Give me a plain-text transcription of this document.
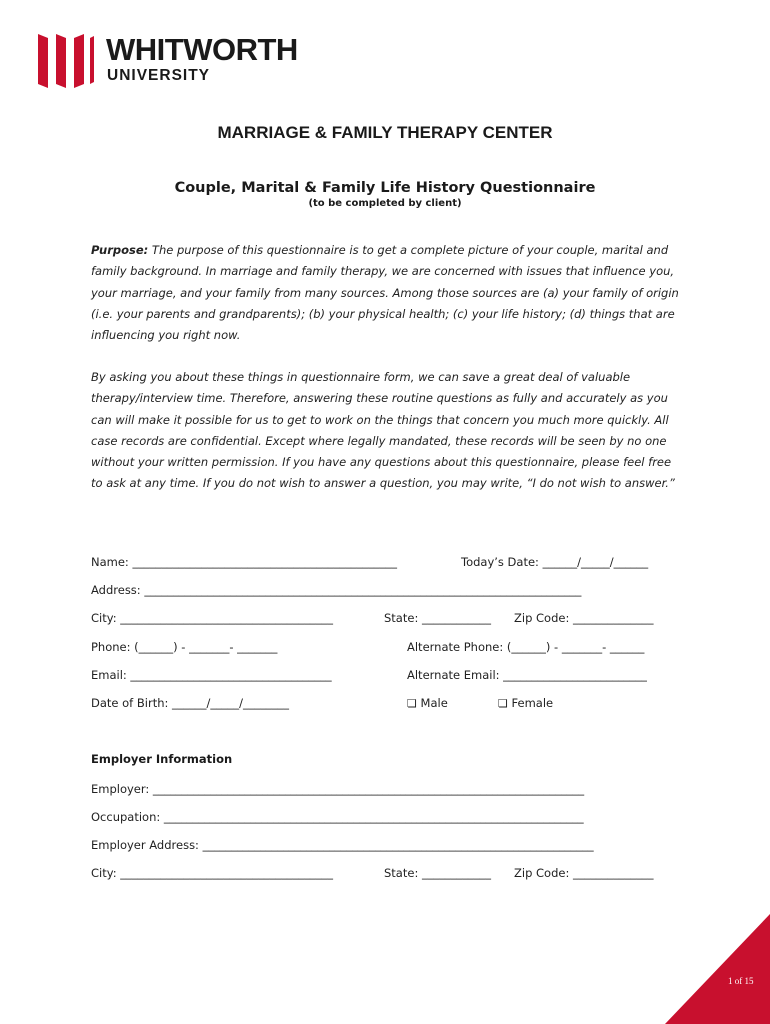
WHITWORTH
UNIVERSITY
MARRIAGE & FAMILY THERAPY CENTER
Couple, Marital & Family Life History Questionnaire
(to be completed by client)
Purpose: The purpose of this questionnaire is to get a complete picture of your couple, marital and
family background. In marriage and family therapy, we are concerned with issues that influence you,
your marriage, and your family from many sources. Among those sources are (a) your family of origin
(i.e. your parents and grandparents); (b) your physical health; (c) your life history; (d) things that are
influencing you right now.
By asking you about these things in questionnaire form, we can save a great deal of valuable
therapy/interview time. Therefore, answering these routine questions as fully and accurately as you
can will make it possible for us to get to work on the things that concern you much more quickly. All
case records are confidential. Except where legally mandated, these records will be seen by no one
without your written permission. If you have any questions about this questionnaire, please feel free
to ask at any time. If you do not wish to answer a question, you may write, “I do not wish to answer.”
Name: ______________________________________________	Today’s Date: ______/_____/______
Address: ____________________________________________________________________________
City: _____________________________________	State: ____________ Zip Code: ______________
Phone: (______) - _______- _______	Alternate Phone: (______) - _______- ______
Email: ___________________________________	Alternate Email: _________________________
Date of Birth: ______/_____/________	❏ Male	❏ Female
Employer Information
Employer: ___________________________________________________________________________
Occupation: _________________________________________________________________________
Employer Address: ____________________________________________________________________
City: _____________________________________	State: ____________ Zip Code: ______________
1 of 15
